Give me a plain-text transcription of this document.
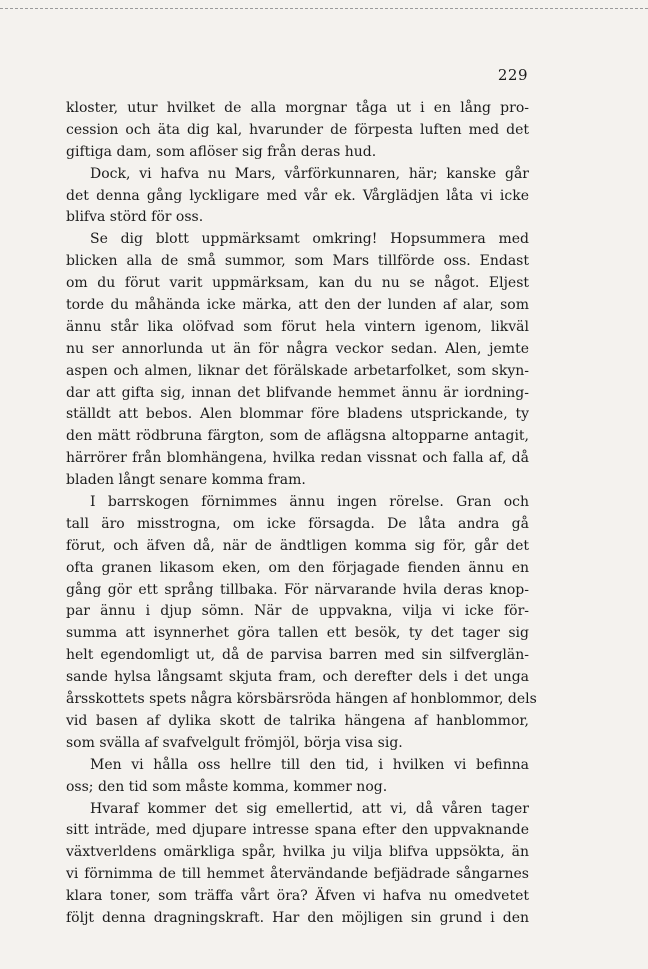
229
kloster, utur hvilket de alla morgnar tåga ut i en lång pro-
cession och äta dig kal, hvarunder de förpesta luften med det
giftiga dam, som aflöser sig från deras hud.
Dock, vi hafva nu Mars, vårförkunnaren, här; kanske går
det denna gång lyckligare med vår ek. Vårglädjen låta vi icke
blifva störd för oss.
Se dig blott uppmärksamt omkring! Hopsummera med
blicken alla de små summor, som Mars tillförde oss. Endast
om du förut varit uppmärksam, kan du nu se något. Eljest
torde du måhända icke märka, att den der lunden af alar, som
ännu står lika olöfvad som förut hela vintern igenom, likväl
nu ser annorlunda ut än för några veckor sedan. Alen, jemte
aspen och almen, liknar det förälskade arbetarfolket, som skyn-
dar att gifta sig, innan det blifvande hemmet ännu är iordning-
ställdt att bebos. Alen blommar före bladens utsprickande, ty
den mätt rödbruna färgton, som de aflägsna altopparne antagit,
härrörer från blomhängena, hvilka redan vissnat och falla af, då
bladen långt senare komma fram.
I barrskogen förnimmes ännu ingen rörelse. Gran och
tall äro misstrogna, om icke försagda. De låta andra gå
förut, och äfven då, när de ändtligen komma sig för, går det
ofta granen likasom eken, om den förjagade fienden ännu en
gång gör ett språng tillbaka. För närvarande hvila deras knop-
par ännu i djup sömn. När de uppvakna, vilja vi icke för-
summa att isynnerhet göra tallen ett besök, ty det tager sig
helt egendomligt ut, då de parvisa barren med sin silfverglän-
sande hylsa långsamt skjuta fram, och derefter dels i det unga
årsskottets spets några körsbärsröda hängen af honblommor, dels
vid basen af dylika skott de talrika hängena af hanblommor,
som svälla af svafvelgult frömjöl, börja visa sig.
Men vi hålla oss hellre till den tid, i hvilken vi befinna
oss; den tid som måste komma, kommer nog.
Hvaraf kommer det sig emellertid, att vi, då våren tager
sitt inträde, med djupare intresse spana efter den uppvaknande
växtverldens omärkliga spår, hvilka ju vilja blifva uppsökta, än
vi förnimma de till hemmet återvändande befjädrade sångarnes
klara toner, som träffa vårt öra? Äfven vi hafva nu omedvetet
följt denna dragningskraft. Har den möjligen sin grund i den
